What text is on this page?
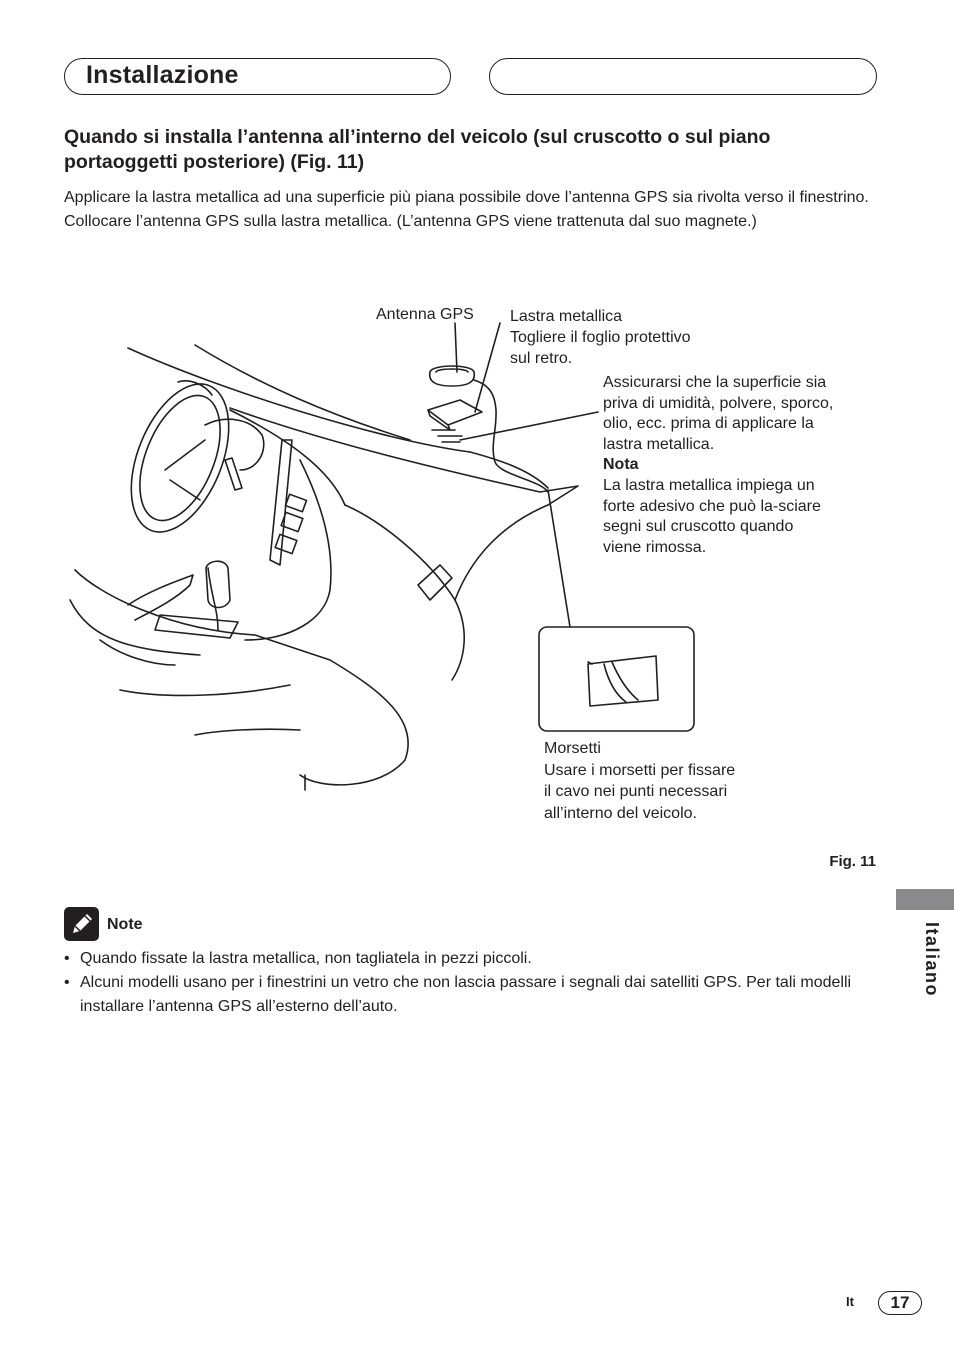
Installazione
Quando si installa l’antenna all’interno del veicolo (sul cruscotto o sul piano portaoggetti posteriore) (Fig. 11)
Applicare la lastra metallica ad una superficie più piana possibile dove l’antenna GPS sia rivolta verso il finestrino. Collocare l’antenna GPS sulla lastra metallica. (L’antenna GPS viene trattenuta dal suo magnete.)
Antenna GPS Lastra metallica
Togliere il foglio protettivo
sul retro.
Assicurarsi che la superficie sia
priva di umidità, polvere, sporco,
olio, ecc. prima di applicare la
lastra metallica.
Nota
La lastra metallica impiega un
forte adesivo che può la-sciare
segni sul cruscotto quando
viene rimossa.
Morsetti
Usare i morsetti per fissare
il cavo nei punti necessari
all’interno del veicolo.
Fig. 11
Note
• Quando fissate la lastra metallica, non tagliatela in pezzi piccoli.
• Alcuni modelli usano per i finestrini un vetro che non lascia passare i segnali dai satelliti GPS. Per tali modelli installare l’antenna GPS all’esterno dell’auto.
Italiano
It	17
